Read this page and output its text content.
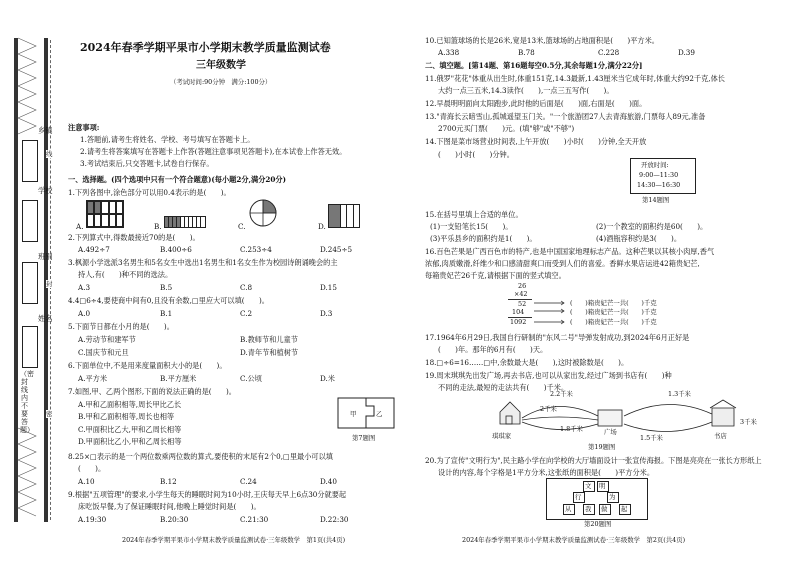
乡镇
学校
班别
姓名
（密封线内不要答题）
线
封
密
2024年春季学期平果市小学期末教学质量监测试卷
三年级数学
（考试时间:90分钟　满分:100分）
注意事项:
1.答题前,请考生将姓名、学校、考号填写在答题卡上。
2.请考生将答案填写在答题卡上作答(答题注意事项见答题卡),在本试卷上作答无效。
3.考试结束后,只交答题卡,试卷自行保存。
一、选择题。(四个选项中只有一个符合题意)(每小题2分,满分20分)
1.下列各图中,涂色部分可以用0.4表示的是(　　)。
A.	B.	C.	D.
2.下列算式中,得数最接近70的是(　　)。
A.492÷7	B.400÷6	C.253÷4	D.245÷5
3.枫源小学选派3名男生和5名女生中选出1名男生和1名女生作为校园诗朗诵晚会的主
持人,有(　　)种不同的选法。
A.3	B.5	C.8	D.15
4.4□6÷4,要使商中间有0,且没有余数,□里应大可以填(　　)。
A.0	B.1	C.2	D.3
5.下面节日都在小月的是(　　)。
A.劳动节和建军节	B.教师节和儿童节
C.国庆节和元旦	D.青年节和植树节
6.下面单位中,不是用来度量面积大小的是(　　)。
A.平方米	B.平方厘米	C.公顷	D.米
7.如图,甲、乙两个图形,下面的说法正确的是(　　)。
A.甲和乙面积相等,周长甲比乙长
B.甲和乙面积相等,周长也相等
C.甲面积比乙大,甲和乙周长相等
D.甲面积比乙小,甲和乙周长相等
甲	乙
第7题图
8.25×□表示的是一个两位数乘两位数的算式,要使积的末尾有2个0,□里最小可以填
(　　)。
A.10	B.12	C.24	D.40
9.根据"五项管理"的要求,小学生每天的睡眠时间为10小时,王庆每天早上6点30分就要起
床吃饭早餐,为了保证睡眠时间,他晚上睡觉时间是(　　)。
A.19:30	B.20:30	C.21:30	D.22:30
2024年春季学期平果市小学期末教学质量监测试卷·三年级数学　第1页(共4页)
10.已知篮球场的长是26米,宽是13米,篮球场的占地面积是(　　)平方米。
A.338	B.78	C.228	D.39
二、填空题。[第14题、第16题每空0.5分,其余每题1分,满分22分]
11.俄罗"花花"体重从出生时,体重151克,14.3最新,1.43厘米当它成年时,体重大约92千克,体长
大约一点三五米,14.3读作(　　),一点三五写作(　　)。
12.早晨明明面向太阳跑步,此时他的后面是(　　)面,右面是(　　)面。
13."青海长云暗雪山,孤城遥望玉门关。"一个旅游团27人去青海旅游,门票每人89元,准备
2700元买门票(　　)元。(填"够"或"不够")
14.下图是菜市场营业时间表,上午开放(　　)小时(　　)分钟,全天开放
(　　)小时(　　)分钟。
开放时间:
9:00—11:30
14:30—16:30
第14题图
15.在括号里填上合适的单位。
(1)一支铅笔长15(　　)。	(2)一个教室的面积约是60(　　)。
(3)平乐县乡的面积约是1(　　)。	(4)酒瓶容积约是3(　　)。
16.百色芒果是广西百色市的特产,也是中国国家地理标志产品。这种芒果以其核小肉厚,香气
浓郁,肉质嫩滑,纤维少和口感清甜爽口而受到人们的喜爱。香鲜水果店运进42箱贵妃芒,
每箱贵妃芒26千克,请根据下面的竖式填空。
26
×42
52
104
1092
(　　)箱贵妃芒一共(　　)千克
(　　)箱贵妃芒一共(　　)千克
(　　)箱贵妃芒一共(　　)千克
17.1964年6月29日,我国自行研制的"东风二号"导弹发射成功,到2024年6月正好是
(　　)年。那年的6月有(　　)天。
18.□÷6=16……□中,余数最大是(　　),这时被除数是(　　)。
19.周末琪琪先出发广场,再去书店,也可以从家出发,经过广场到书店有(　　)种
不同的走法,最短的走法共有(　　)千米。
2.2千米	1.3千米
2千米
1.8千米
1.5千米
3千米
琪琪家	广场	书店
第19题图
20.为了宣传"文明行为",民主路小学在向学校的大厅墙面设计一张宣传海报。下图是亮亮在一张长方形纸上
设计的内容,每个字格是1平方分米,这张纸的面积是(　　)平方分米。
文 明
行	为
从 我 做 起
第20题图
2024年春季学期平果市小学期末教学质量监测试卷·三年级数学　第2页(共4页)
